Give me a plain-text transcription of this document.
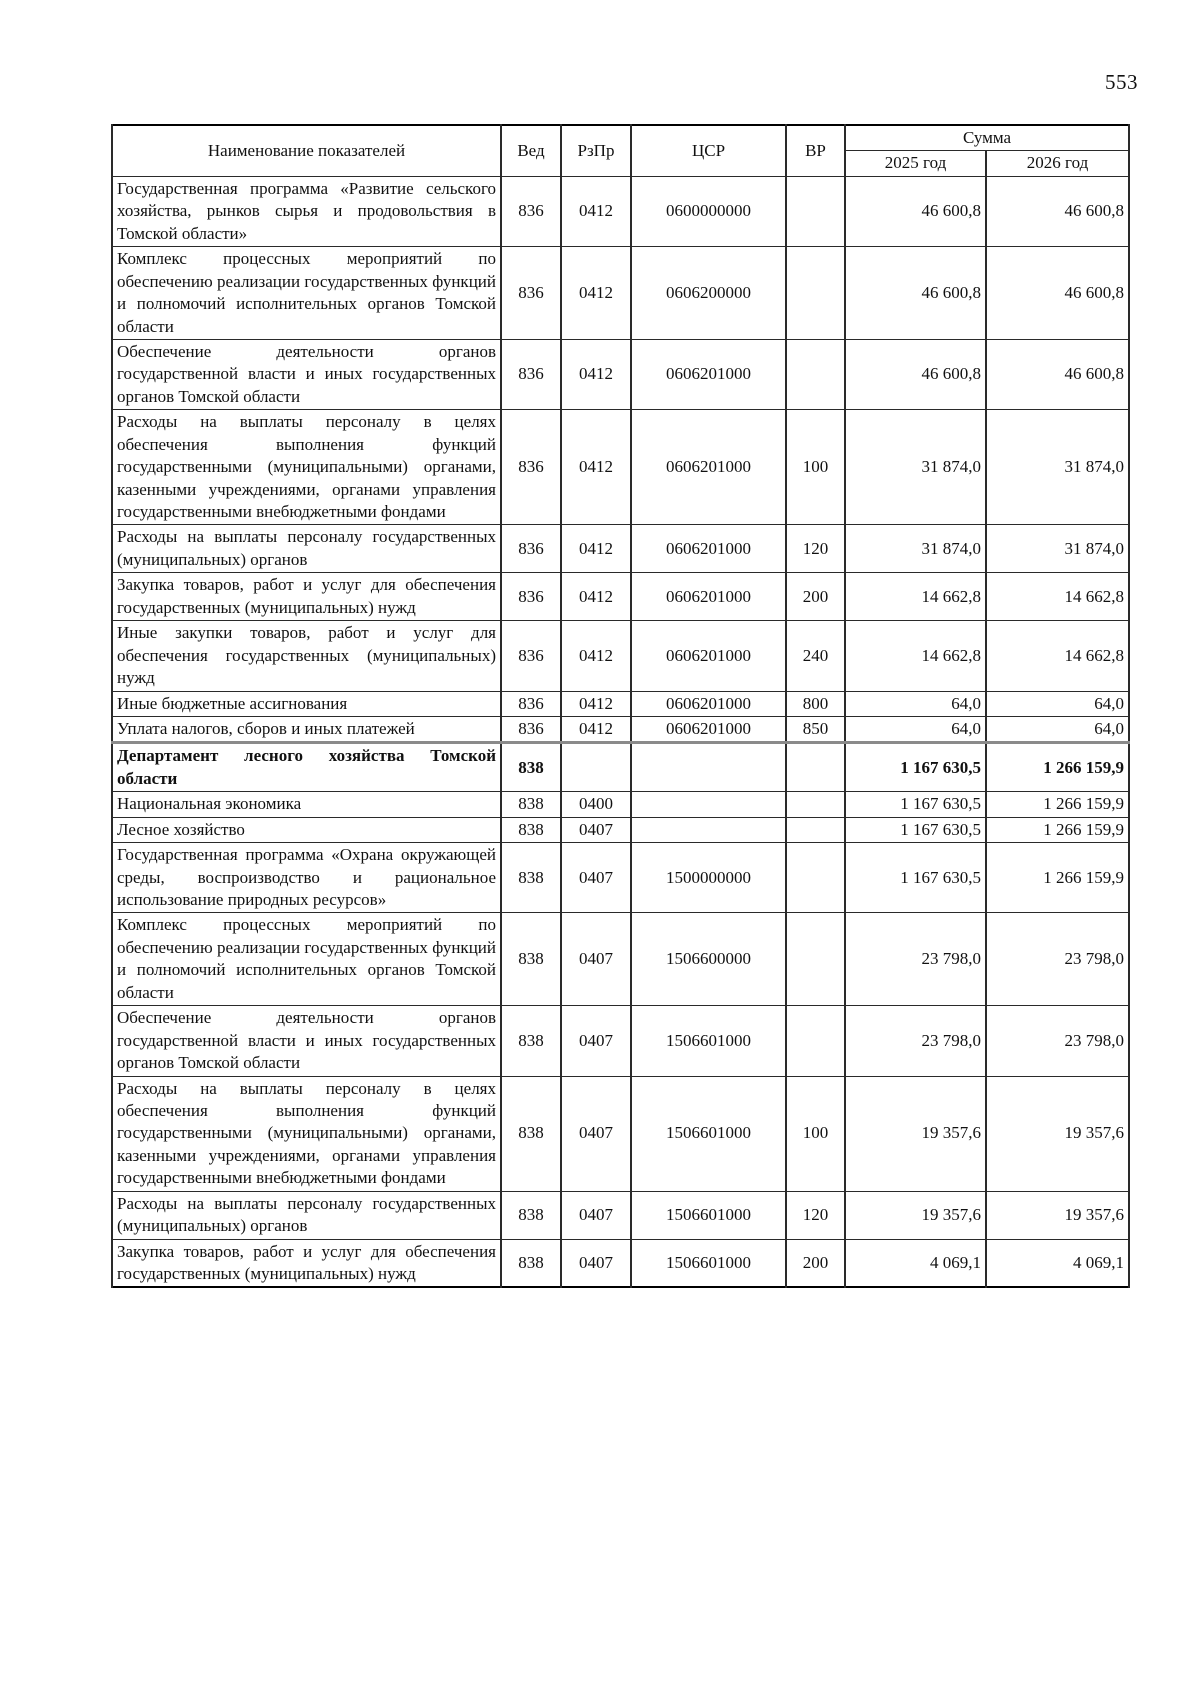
553
Наименование показателей	Вед	РзПр	ЦСР	ВР	Сумма	
					2025 год	2026 год
Государственная программа «Развитие сельского хозяйства, рынков сырья и продовольствия в Томской области»	836	0412	0600000000		46 600,8	46 600,8
Комплекс процессных мероприятий по обеспечению реализации государственных функций и полномочий исполнительных органов Томской области	836	0412	0606200000		46 600,8	46 600,8
Обеспечение деятельности органов государственной власти и иных государственных органов Томской области	836	0412	0606201000		46 600,8	46 600,8
Расходы на выплаты персоналу в целях обеспечения выполнения функций государственными (муниципальными) органами, казенными учреждениями, органами управления государственными внебюджетными фондами	836	0412	0606201000	100	31 874,0	31 874,0
Расходы на выплаты персоналу государственных (муниципальных) органов	836	0412	0606201000	120	31 874,0	31 874,0
Закупка товаров, работ и услуг для обеспечения государственных (муниципальных) нужд	836	0412	0606201000	200	14 662,8	14 662,8
Иные закупки товаров, работ и услуг для обеспечения государственных (муниципальных) нужд	836	0412	0606201000	240	14 662,8	14 662,8
Иные бюджетные ассигнования	836	0412	0606201000	800	64,0	64,0
Уплата налогов, сборов и иных платежей	836	0412	0606201000	850	64,0	64,0
Департамент лесного хозяйства Томской области	838				1 167 630,5	1 266 159,9
Национальная экономика	838	0400			1 167 630,5	1 266 159,9
Лесное хозяйство	838	0407			1 167 630,5	1 266 159,9
Государственная программа «Охрана окружающей среды, воспроизводство и рациональное использование природных ресурсов»	838	0407	1500000000		1 167 630,5	1 266 159,9
Комплекс процессных мероприятий по обеспечению реализации государственных функций и полномочий исполнительных органов Томской области	838	0407	1506600000		23 798,0	23 798,0
Обеспечение деятельности органов государственной власти и иных государственных органов Томской области	838	0407	1506601000		23 798,0	23 798,0
Расходы на выплаты персоналу в целях обеспечения выполнения функций государственными (муниципальными) органами, казенными учреждениями, органами управления государственными внебюджетными фондами	838	0407	1506601000	100	19 357,6	19 357,6
Расходы на выплаты персоналу государственных (муниципальных) органов	838	0407	1506601000	120	19 357,6	19 357,6
Закупка товаров, работ и услуг для обеспечения государственных (муниципальных) нужд	838	0407	1506601000	200	4 069,1	4 069,1
